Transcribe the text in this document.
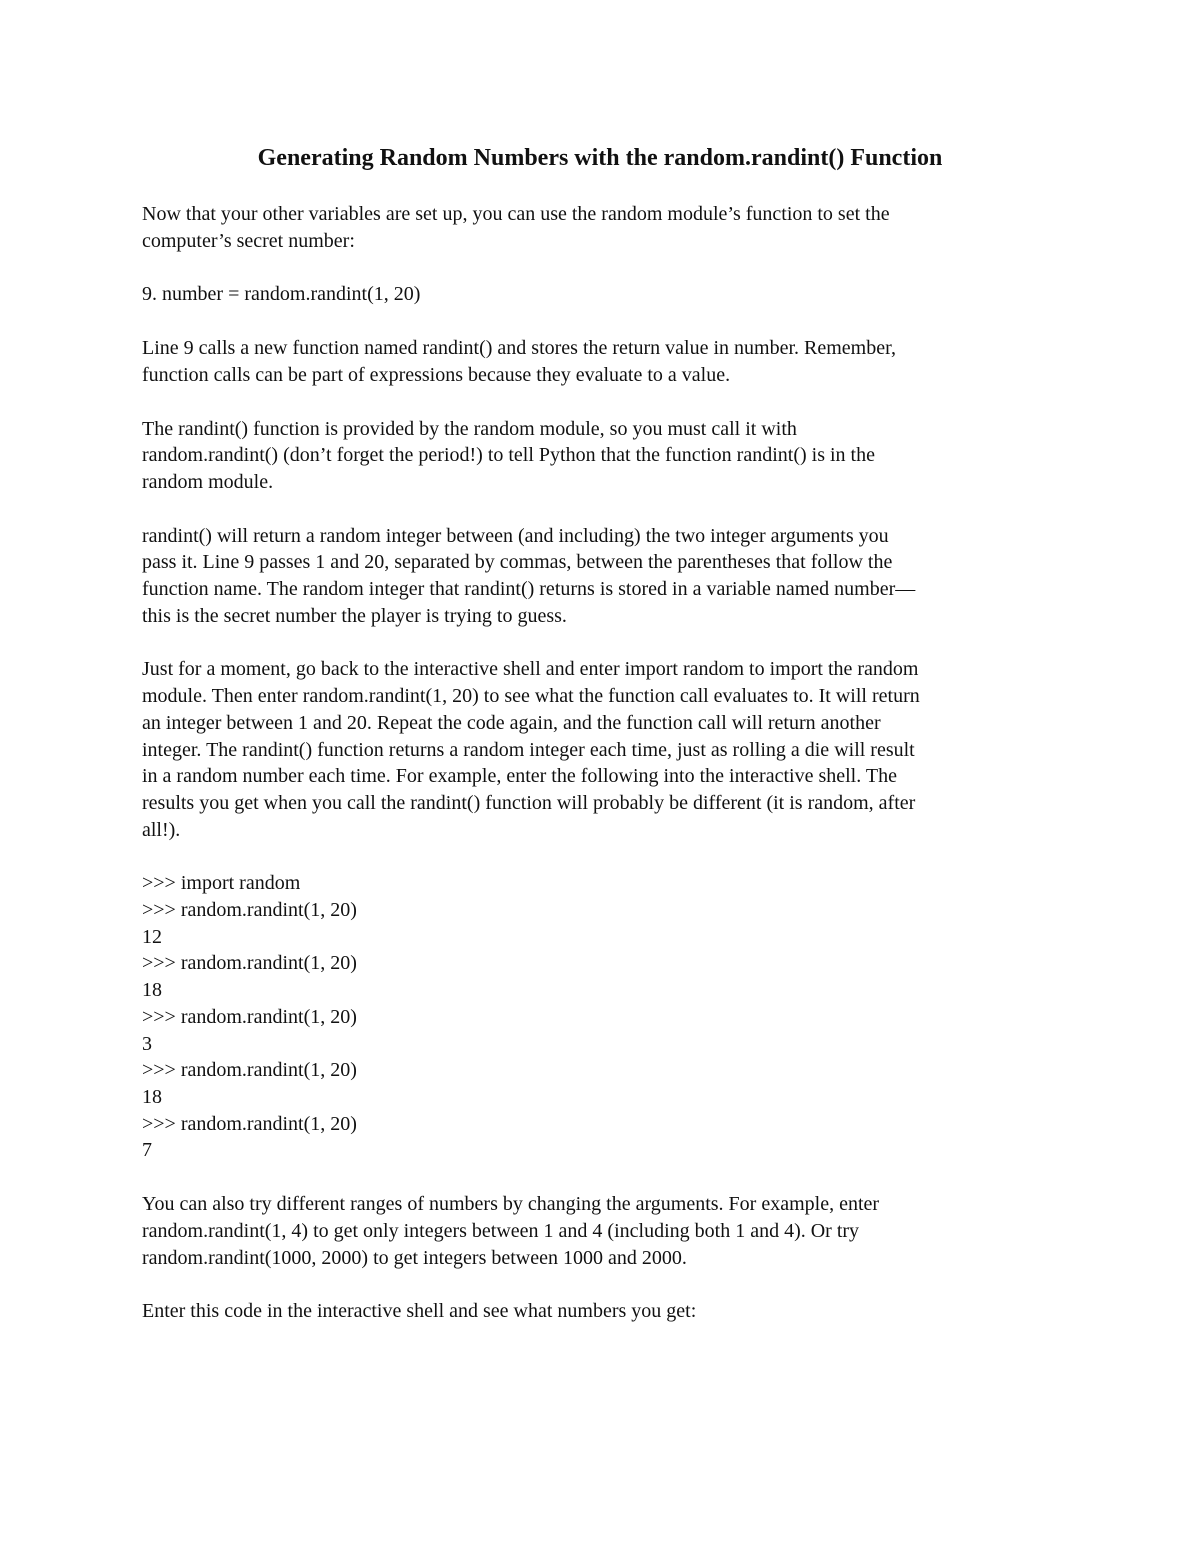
Generating Random Numbers with the random.randint() Function

Now that your other variables are set up, you can use the random module’s function to set the
computer’s secret number:

9. number = random.randint(1, 20)

Line 9 calls a new function named randint() and stores the return value in number. Remember,
function calls can be part of expressions because they evaluate to a value.

The randint() function is provided by the random module, so you must call it with
random.randint() (don’t forget the period!) to tell Python that the function randint() is in the
random module.

randint() will return a random integer between (and including) the two integer arguments you
pass it. Line 9 passes 1 and 20, separated by commas, between the parentheses that follow the
function name. The random integer that randint() returns is stored in a variable named number—
this is the secret number the player is trying to guess.

Just for a moment, go back to the interactive shell and enter import random to import the random
module. Then enter random.randint(1, 20) to see what the function call evaluates to. It will return
an integer between 1 and 20. Repeat the code again, and the function call will return another
integer. The randint() function returns a random integer each time, just as rolling a die will result
in a random number each time. For example, enter the following into the interactive shell. The
results you get when you call the randint() function will probably be different (it is random, after
all!).

>>> import random
>>> random.randint(1, 20)
12
>>> random.randint(1, 20)
18
>>> random.randint(1, 20)
3
>>> random.randint(1, 20)
18
>>> random.randint(1, 20)
7

You can also try different ranges of numbers by changing the arguments. For example, enter
random.randint(1, 4) to get only integers between 1 and 4 (including both 1 and 4). Or try
random.randint(1000, 2000) to get integers between 1000 and 2000.

Enter this code in the interactive shell and see what numbers you get:
